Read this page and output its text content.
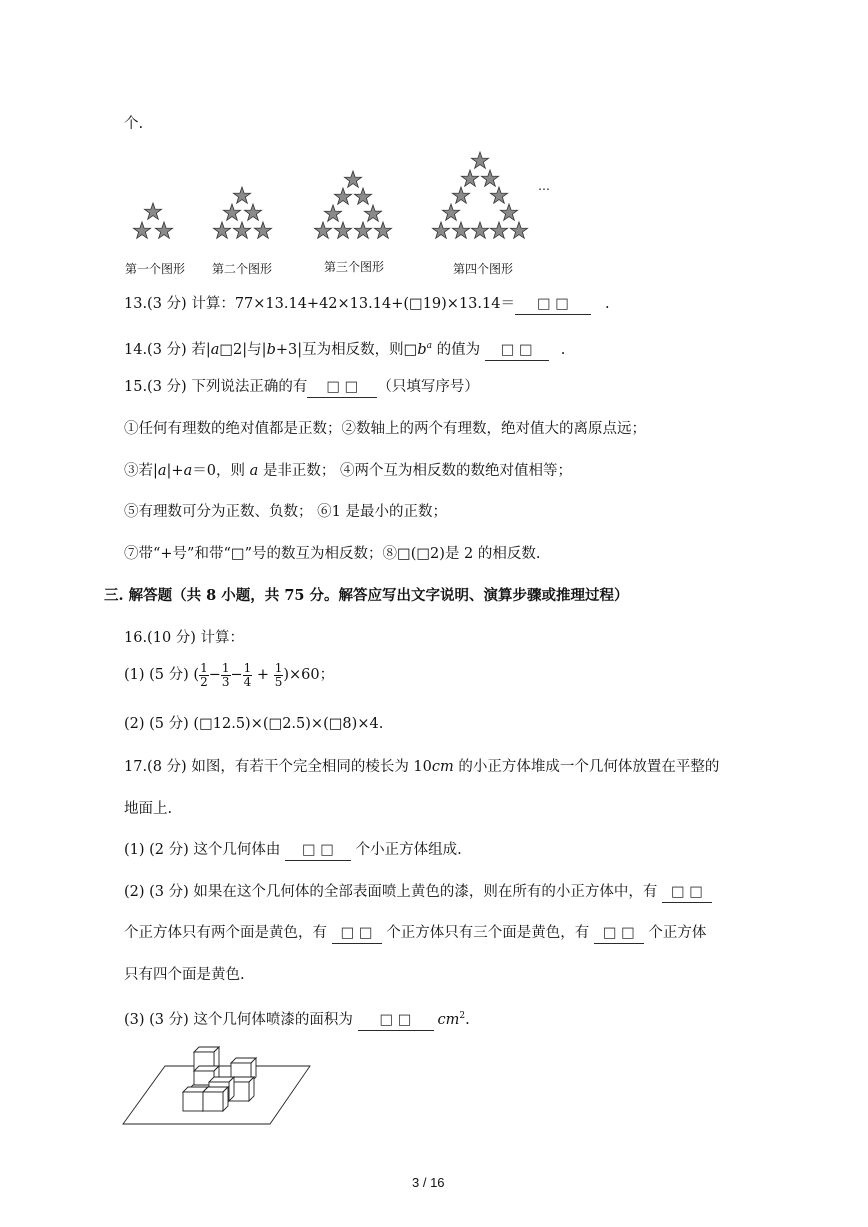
个.
…
第一个图形 第二个图形	第三个图形	第四个图形
13.(3 分) 计算：77×13.14+42×13.14+(□19)×13.14＝ □ □ .
14.(3 分) 若|a□2|与|b+3|互为相反数，则$□b^a$ 的值为 □ □ .
15.(3 分) 下列说法正确的有 □ □ （只填写序号）
①任何有理数的绝对值都是正数；②数轴上的两个有理数，绝对值大的离原点远；
③若|a|+a＝0，则 a 是非正数； ④两个互为相反数的数绝对值相等；
⑤有理数可分为正数、负数； ⑥1 是最小的正数；
⑦带“+号”和带“□”号的数互为相反数；⑧□(□2)是 2 的相反数.
三. 解答题（共 8 小题，共 75 分。解答应写出文字说明、演算步骤或推理过程）
16.(10 分) 计算：
(1) (5 分) ( $\frac{1}{2} - \frac{1}{3} - \frac{1}{4} + \frac{1}{5} )\times 60$；
(2) (5 分) (□12.5)×(□2.5)×(□8)×4.
17.(8 分) 如图，有若干个完全相同的棱长为 10cm 的小正方体堆成一个几何体放置在平整的
地面上.
(1) (2 分) 这个几何体由 □ □ 个小正方体组成.
(2) (3 分) 如果在这个几何体的全部表面喷上黄色的漆，则在所有的小正方体中，有 □ □
个正方体只有两个面是黄色，有 □ □ 个正方体只有三个面是黄色，有 □ □ 个正方体
只有四个面是黄色.
(3) (3 分) 这个几何体喷漆的面积为 □ □ $cm^2$.
3 / 16
